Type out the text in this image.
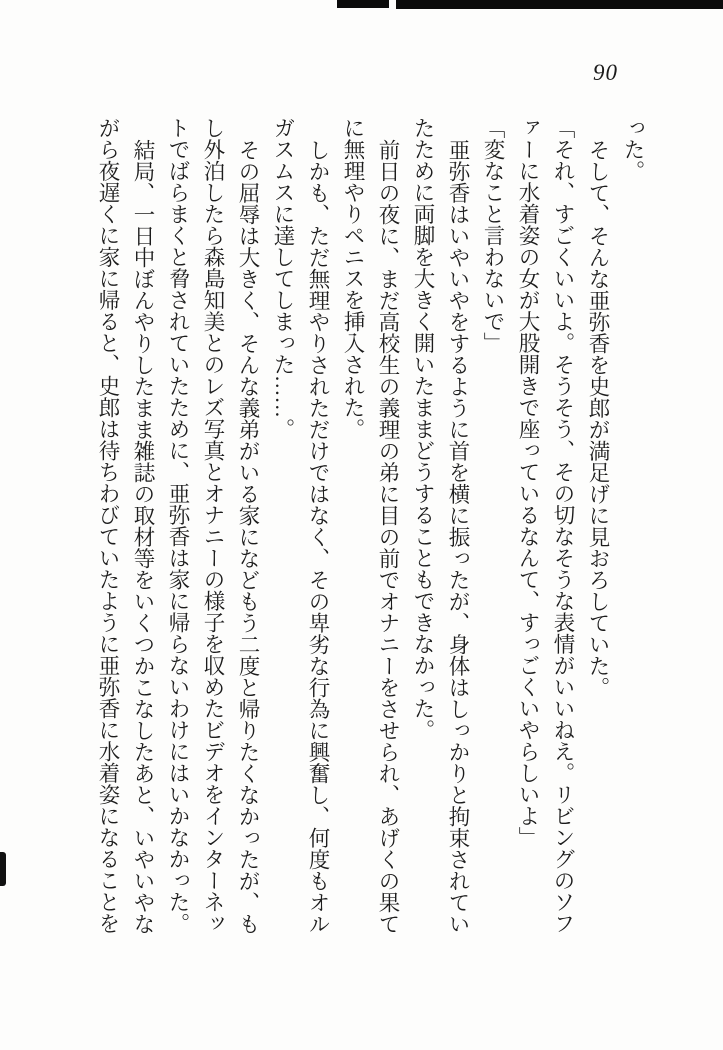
90

った。

そして、そんな亜弥香を史郎が満足げに見おろしていた。

「それ、すごくいいよ。そうそう、その切なそうな表情がいいねえ。リビングのソファーに水着姿の女が大股開きで座っているなんて、すっごくいやらしいよ」

「変なこと言わないで」

亜弥香はいやいやをするように首を横に振ったが、身体はしっかりと拘束されていたために両脚を大きく開いたままどうすることもできなかった。

前日の夜に、まだ高校生の義理の弟に目の前でオナニーをさせられ、あげくの果てに無理やりペニスを挿入された。

しかも、ただ無理やりされただけではなく、その卑劣な行為に興奮し、何度もオルガスムスに達してしまった……。

その屈辱は大きく、そんな義弟がいる家になどもう二度と帰りたくなかったが、もし外泊したら森島知美とのレズ写真とオナニーの様子を収めたビデオをインターネットでばらまくと脅されていたために、亜弥香は家に帰らないわけにはいかなかった。

結局、一日中ぼんやりしたまま雑誌の取材等をいくつかこなしたあと、いやいやながら夜遅くに家に帰ると、史郎は待ちわびていたように亜弥香に水着姿になることを
